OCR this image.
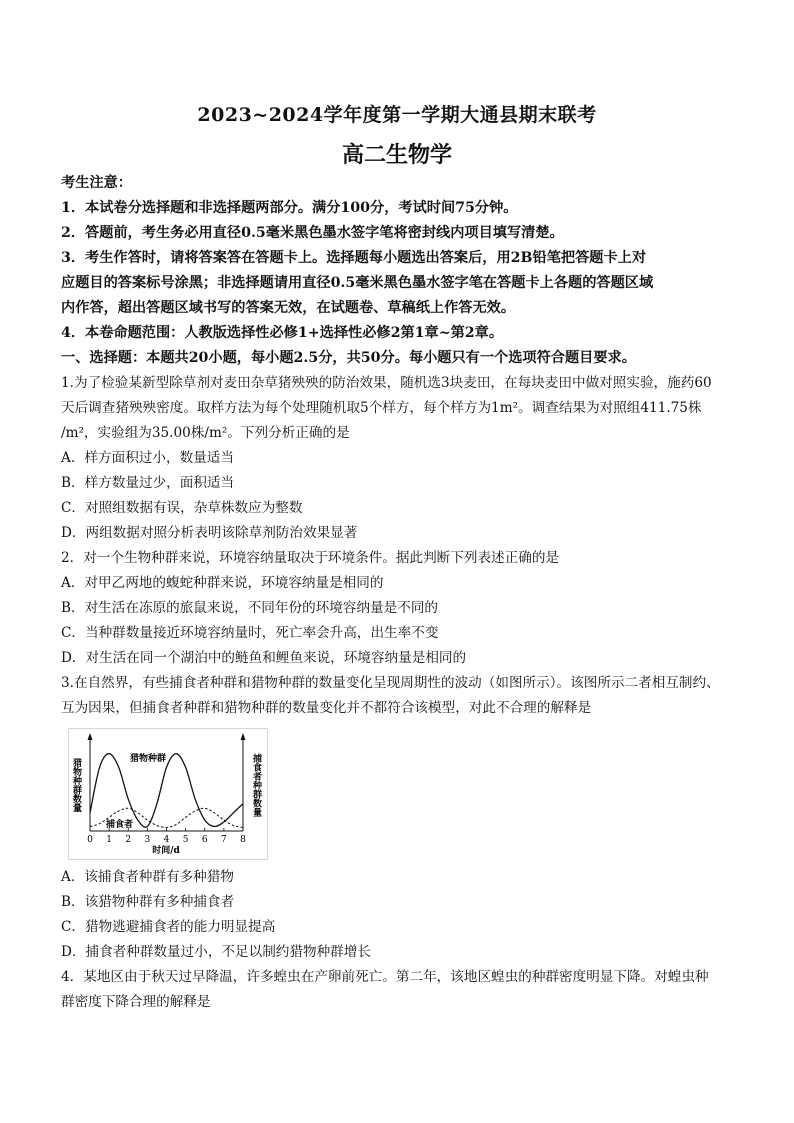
2023~2024学年度第一学期大通县期末联考
高二生物学
考生注意：
1．本试卷分选择题和非选择题两部分。满分100分，考试时间75分钟。
2．答题前，考生务必用直径0.5毫米黑色墨水签字笔将密封线内项目填写清楚。
3．考生作答时，请将答案答在答题卡上。选择题每小题选出答案后，用2B铅笔把答题卡上对
应题目的答案标号涂黑；非选择题请用直径0.5毫米黑色墨水签字笔在答题卡上各题的答题区域
内作答，超出答题区域书写的答案无效，在试题卷、草稿纸上作答无效。
4．本卷命题范围：人教版选择性必修1+选择性必修2第1章~第2章。
一、选择题：本题共20小题，每小题2.5分，共50分。每小题只有一个选项符合题目要求。
1.为了检验某新型除草剂对麦田杂草猪殃殃的防治效果，随机选3块麦田，在每块麦田中做对照实验，施药60
天后调查猪殃殃密度。取样方法为每个处理随机取5个样方，每个样方为1m²。调查结果为对照组411.75株
/m²，实验组为35.00株/m²。下列分析正确的是
A．样方面积过小，数量适当
B．样方数量过少，面积适当
C．对照组数据有误，杂草株数应为整数
D．两组数据对照分析表明该除草剂防治效果显著
2．对一个生物种群来说，环境容纳量取决于环境条件。据此判断下列表述正确的是
A．对甲乙两地的蝮蛇种群来说，环境容纳量是相同的
B．对生活在冻原的旅鼠来说，不同年份的环境容纳量是不同的
C．当种群数量接近环境容纳量时，死亡率会升高，出生率不变
D．对生活在同一个湖泊中的鲢鱼和鲤鱼来说，环境容纳量是相同的
3.在自然界，有些捕食者种群和猎物种群的数量变化呈现周期性的波动（如图所示）。该图所示二者相互制约、
互为因果，但捕食者种群和猎物种群的数量变化并不都符合该模型，对此不合理的解释是
猎物种群数量	捕食者种群数量
0 1 2 3 4 5 6 7 8
猎物种群
捕食者
时间/d
A．该捕食者种群有多种猎物
B．该猎物种群有多种捕食者
C．猎物逃避捕食者的能力明显提高
D．捕食者种群数量过小，不足以制约猎物种群增长
4．某地区由于秋天过早降温，许多蝗虫在产卵前死亡。第二年，该地区蝗虫的种群密度明显下降。对蝗虫种
群密度下降合理的解释是
